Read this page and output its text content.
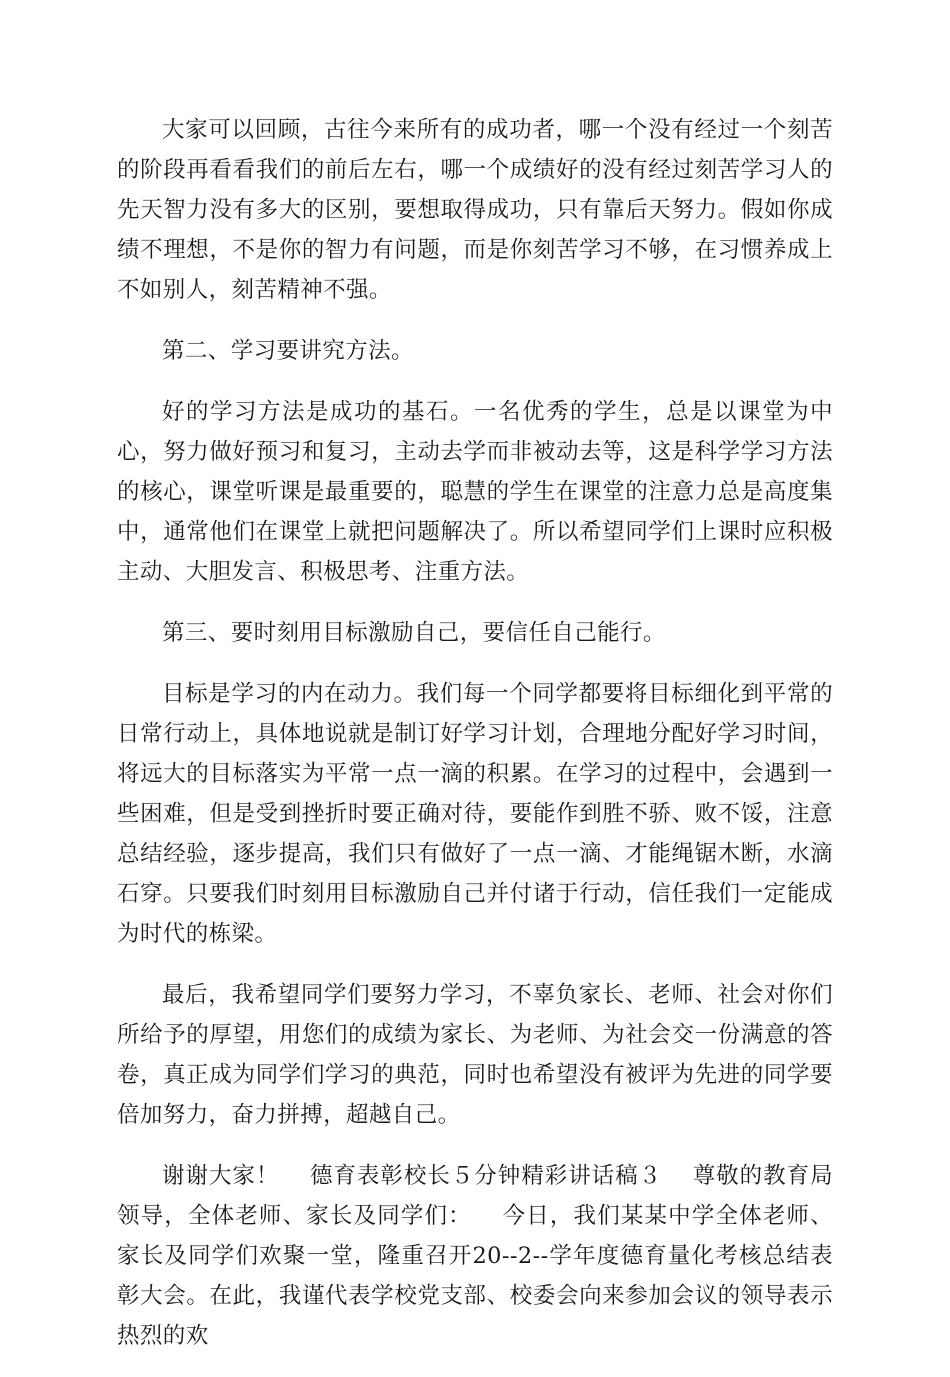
大家可以回顾，古往今来所有的成功者，哪一个没有经过一个刻苦的阶段再看看我们的前后左右，哪一个成绩好的没有经过刻苦学习人的先天智力没有多大的区别，要想取得成功，只有靠后天努力。假如你成绩不理想，不是你的智力有问题，而是你刻苦学习不够，在习惯养成上不如别人，刻苦精神不强。

第二、学习要讲究方法。

好的学习方法是成功的基石。一名优秀的学生，总是以课堂为中心，努力做好预习和复习，主动去学而非被动去等，这是科学学习方法的核心，课堂听课是最重要的，聪慧的学生在课堂的注意力总是高度集中，通常他们在课堂上就把问题解决了。所以希望同学们上课时应积极主动、大胆发言、积极思考、注重方法。

第三、要时刻用目标激励自己，要信任自己能行。

目标是学习的内在动力。我们每一个同学都要将目标细化到平常的日常行动上，具体地说就是制订好学习计划，合理地分配好学习时间，将远大的目标落实为平常一点一滴的积累。在学习的过程中，会遇到一些困难，但是受到挫折时要正确对待，要能作到胜不骄、败不馁，注意总结经验，逐步提高，我们只有做好了一点一滴、才能绳锯木断，水滴石穿。只要我们时刻用目标激励自己并付诸于行动，信任我们一定能成为时代的栋梁。

最后，我希望同学们要努力学习，不辜负家长、老师、社会对你们所给予的厚望，用您们的成绩为家长、为老师、为社会交一份满意的答卷，真正成为同学们学习的典范，同时也希望没有被评为先进的同学要倍加努力，奋力拼搏，超越自己。

谢谢大家！ 德育表彰校长５分钟精彩讲话稿３ 尊敬的教育局领导，全体老师、家长及同学们： 今日，我们某某中学全体老师、家长及同学们欢聚一堂，隆重召开20--2--学年度德育量化考核总结表彰大会。在此，我谨代表学校党支部、校委会向来参加会议的领导表示热烈的欢
